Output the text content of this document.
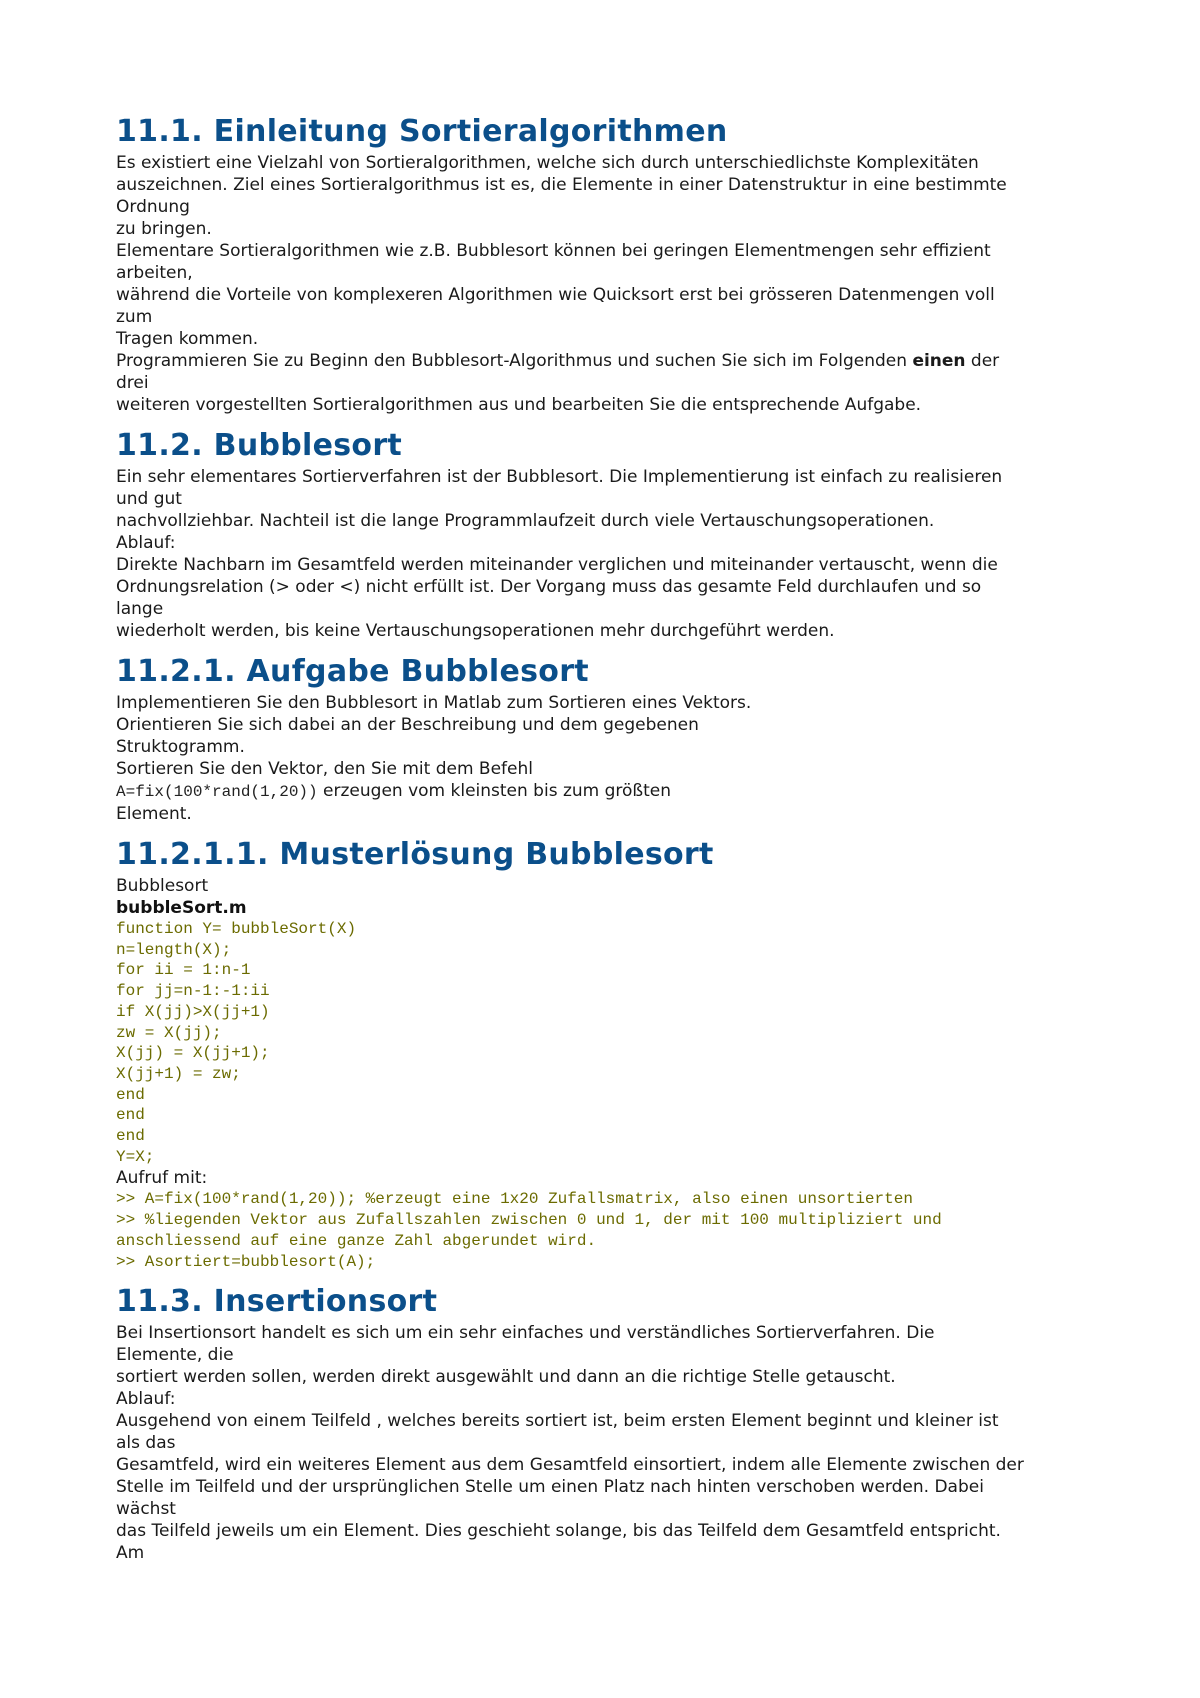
11.1. Einleitung Sortieralgorithmen

Es existiert eine Vielzahl von Sortieralgorithmen, welche sich durch unterschiedlichste Komplexitäten

auszeichnen. Ziel eines Sortieralgorithmus ist es, die Elemente in einer Datenstruktur in eine bestimmte

Ordnung

zu bringen.

Elementare Sortieralgorithmen wie z.B. Bubblesort können bei geringen Elementmengen sehr effizient

arbeiten,

während die Vorteile von komplexeren Algorithmen wie Quicksort erst bei grösseren Datenmengen voll

zum

Tragen kommen.

Programmieren Sie zu Beginn den Bubblesort-Algorithmus und suchen Sie sich im Folgenden einen der

drei

weiteren vorgestellten Sortieralgorithmen aus und bearbeiten Sie die entsprechende Aufgabe.

11.2. Bubblesort

Ein sehr elementares Sortierverfahren ist der Bubblesort. Die Implementierung ist einfach zu realisieren

und gut

nachvollziehbar. Nachteil ist die lange Programmlaufzeit durch viele Vertauschungsoperationen.

Ablauf:

Direkte Nachbarn im Gesamtfeld werden miteinander verglichen und miteinander vertauscht, wenn die

Ordnungsrelation (> oder <) nicht erfüllt ist. Der Vorgang muss das gesamte Feld durchlaufen und so

lange

wiederholt werden, bis keine Vertauschungsoperationen mehr durchgeführt werden.

11.2.1. Aufgabe Bubblesort

Implementieren Sie den Bubblesort in Matlab zum Sortieren eines Vektors.

Orientieren Sie sich dabei an der Beschreibung und dem gegebenen

Struktogramm.

Sortieren Sie den Vektor, den Sie mit dem Befehl

A=fix(100*rand(1,20)) erzeugen vom kleinsten bis zum größten

Element.

11.2.1.1. Musterlösung Bubblesort

Bubblesort

bubbleSort.m

function Y= bubbleSort(X)

n=length(X);

for ii = 1:n-1

for jj=n-1:-1:ii

if X(jj)>X(jj+1)

zw = X(jj);

X(jj) = X(jj+1);

X(jj+1) = zw;

end

end

end

Y=X;

Aufruf mit:

>> A=fix(100*rand(1,20)); %erzeugt eine 1x20 Zufallsmatrix, also einen unsortierten

>> %liegenden Vektor aus Zufallszahlen zwischen 0 und 1, der mit 100 multipliziert und

anschliessend auf eine ganze Zahl abgerundet wird.

>> Asortiert=bubblesort(A);

11.3. Insertionsort

Bei Insertionsort handelt es sich um ein sehr einfaches und verständliches Sortierverfahren. Die

Elemente, die

sortiert werden sollen, werden direkt ausgewählt und dann an die richtige Stelle getauscht.

Ablauf:

Ausgehend von einem Teilfeld , welches bereits sortiert ist, beim ersten Element beginnt und kleiner ist

als das

Gesamtfeld, wird ein weiteres Element aus dem Gesamtfeld einsortiert, indem alle Elemente zwischen der

Stelle im Teilfeld und der ursprünglichen Stelle um einen Platz nach hinten verschoben werden. Dabei

wächst

das Teilfeld jeweils um ein Element. Dies geschieht solange, bis das Teilfeld dem Gesamtfeld entspricht.

Am
